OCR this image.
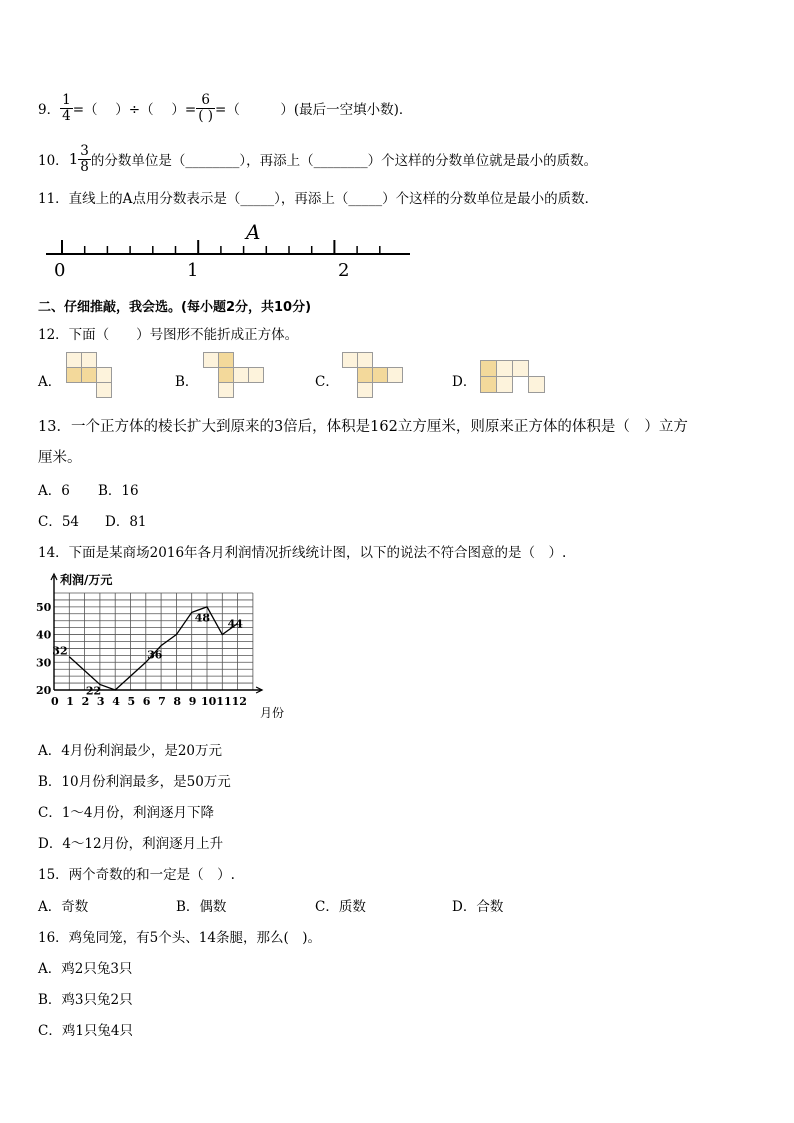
9． $\frac{1}{4}$ =（　 ）÷（　 ）= $\frac{6}{( )}$ =（　　　）(最后一空填小数)．
10． $1 \frac{3}{8}$ 的分数单位是（________），再添上（________）个这样的分数单位就是最小的质数。
11．直线上的A点用分数表示是（_____），再添上（_____）个这样的分数单位是最小的质数．
A
0	1	2
二、仔细推敲，我会选。(每小题2分，共10分)
12．下面（　　）号图形不能折成正方体。
A．	B．	C．	D．
13．一个正方体的棱长扩大到原来的3倍后，体积是162立方厘米，则原来正方体的体积是（　）立方
厘米。
A．6 B．16
C．54 D．81
14．下面是某商场2016年各月利润情况折线统计图，以下的说法不符合图意的是（　）.
利润/万元
月份
20
30
40
50
0 1 2 3 4 5 6 7 8 9 10 11 12
32
22
36
48 44
A．4月份利润最少，是20万元
B．10月份利润最多，是50万元
C．1～4月份，利润逐月下降
D．4～12月份，利润逐月上升
15．两个奇数的和一定是（　）.
A．奇数	B．偶数	C．质数	D．合数
16．鸡兔同笼，有5个头、14条腿，那么(　)。
A．鸡2只兔3只
B．鸡3只兔2只
C．鸡1只兔4只
